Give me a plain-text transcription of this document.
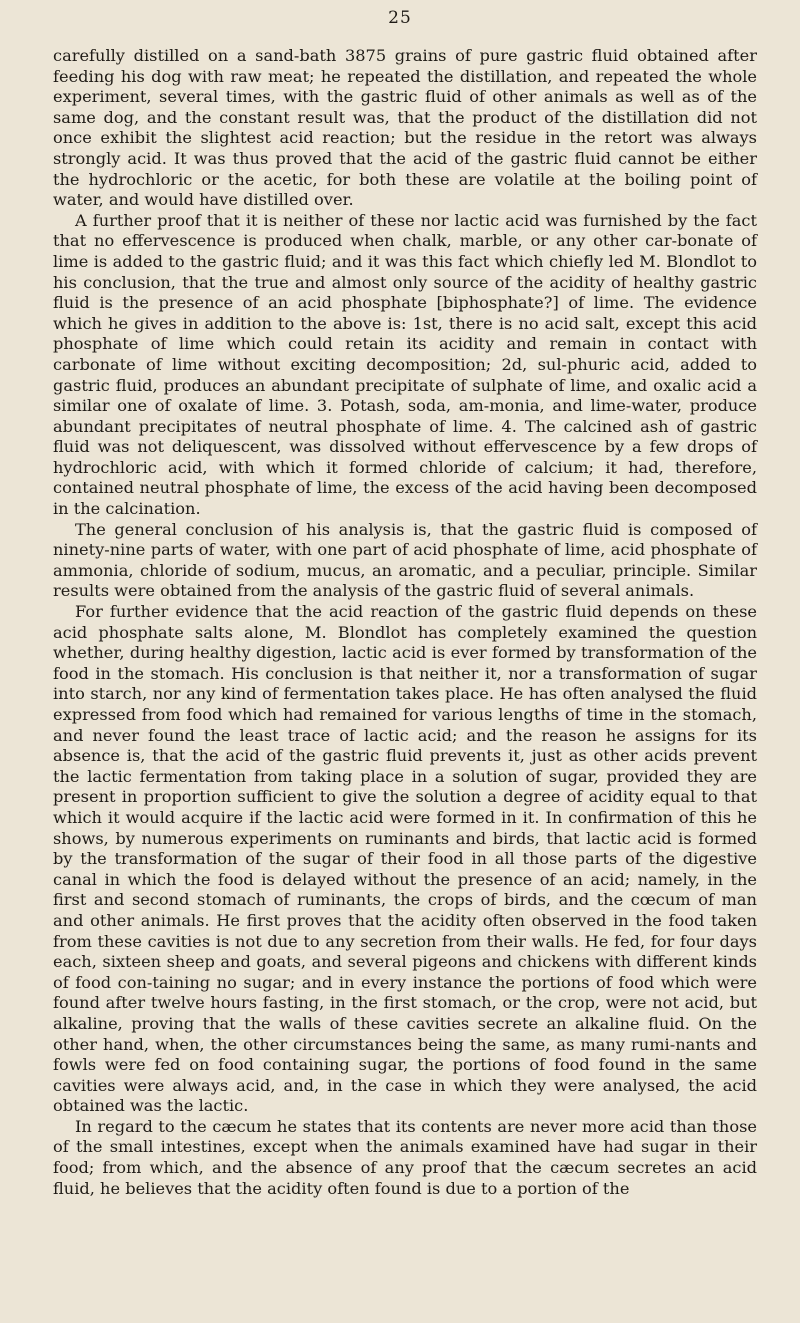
25

carefully distilled on a sand-bath 3875 grains of pure gastric fluid obtained after feeding his dog with raw meat; he repeated the distillation, and repeated the whole experiment, several times, with the gastric fluid of other animals as well as of the same dog, and the constant result was, that the product of the distillation did not once exhibit the slightest acid reaction; but the residue in the retort was always strongly acid. It was thus proved that the acid of the gastric fluid cannot be either the hydrochloric or the acetic, for both these are volatile at the boiling point of water, and would have distilled over.

A further proof that it is neither of these nor lactic acid was furnished by the fact that no effervescence is produced when chalk, marble, or any other car-bonate of lime is added to the gastric fluid; and it was this fact which chiefly led M. Blondlot to his conclusion, that the true and almost only source of the acidity of healthy gastric fluid is the presence of an acid phosphate [biphosphate?] of lime. The evidence which he gives in addition to the above is: 1st, there is no acid salt, except this acid phosphate of lime which could retain its acidity and remain in contact with carbonate of lime without exciting decomposition; 2d, sul-phuric acid, added to gastric fluid, produces an abundant precipitate of sulphate of lime, and oxalic acid a similar one of oxalate of lime. 3. Potash, soda, am-monia, and lime-water, produce abundant precipitates of neutral phosphate of lime. 4. The calcined ash of gastric fluid was not deliquescent, was dissolved without effervescence by a few drops of hydrochloric acid, with which it formed chloride of calcium; it had, therefore, contained neutral phosphate of lime, the excess of the acid having been decomposed in the calcination.

The general conclusion of his analysis is, that the gastric fluid is composed of ninety-nine parts of water, with one part of acid phosphate of lime, acid phosphate of ammonia, chloride of sodium, mucus, an aromatic, and a peculiar, principle. Similar results were obtained from the analysis of the gastric fluid of several animals.

For further evidence that the acid reaction of the gastric fluid depends on these acid phosphate salts alone, M. Blondlot has completely examined the question whether, during healthy digestion, lactic acid is ever formed by transformation of the food in the stomach. His conclusion is that neither it, nor a transformation of sugar into starch, nor any kind of fermentation takes place. He has often analysed the fluid expressed from food which had remained for various lengths of time in the stomach, and never found the least trace of lactic acid; and the reason he assigns for its absence is, that the acid of the gastric fluid prevents it, just as other acids prevent the lactic fermentation from taking place in a solution of sugar, provided they are present in proportion sufficient to give the solution a degree of acidity equal to that which it would acquire if the lactic acid were formed in it. In confirmation of this he shows, by numerous experiments on ruminants and birds, that lactic acid is formed by the transformation of the sugar of their food in all those parts of the digestive canal in which the food is delayed without the presence of an acid; namely, in the first and second stomach of ruminants, the crops of birds, and the cœcum of man and other animals. He first proves that the acidity often observed in the food taken from these cavities is not due to any secretion from their walls. He fed, for four days each, sixteen sheep and goats, and several pigeons and chickens with different kinds of food con-taining no sugar; and in every instance the portions of food which were found after twelve hours fasting, in the first stomach, or the crop, were not acid, but alkaline, proving that the walls of these cavities secrete an alkaline fluid. On the other hand, when, the other circumstances being the same, as many rumi-nants and fowls were fed on food containing sugar, the portions of food found in the same cavities were always acid, and, in the case in which they were analysed, the acid obtained was the lactic.

In regard to the cæcum he states that its contents are never more acid than those of the small intestines, except when the animals examined have had sugar in their food; from which, and the absence of any proof that the cæcum secretes an acid fluid, he believes that the acidity often found is due to a portion of the
